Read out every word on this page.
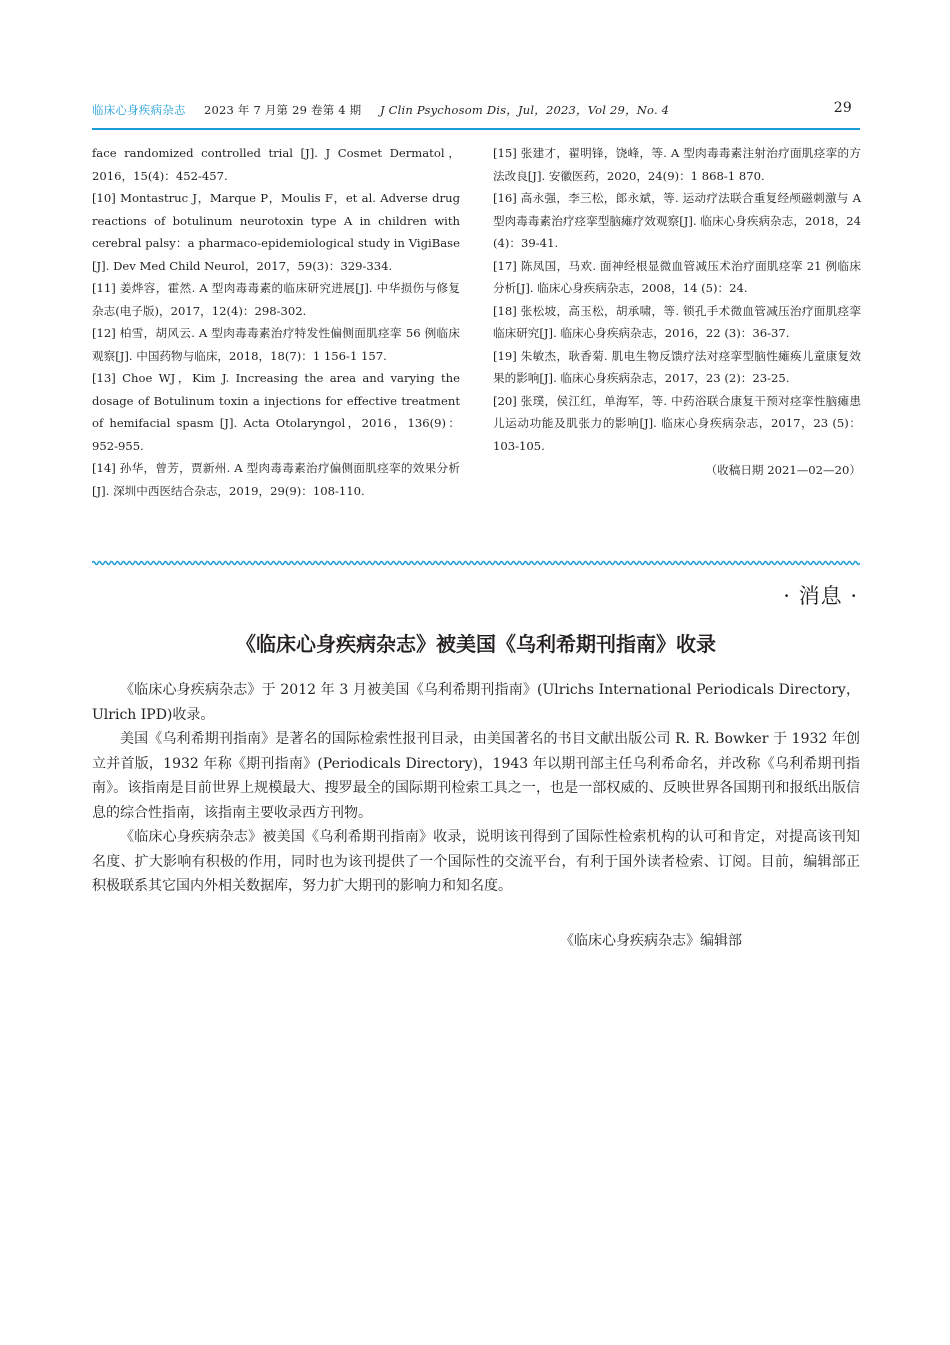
临床心身疾病杂志 2023 年 7 月第 29 卷第 4 期 J Clin Psychosom Dis，Jul，2023，Vol 29，No. 4	29

face randomized controlled trial [J]. J Cosmet Dermatol，2016，15(4)：452-457.

[10] Montastruc J，Marque P，Moulis F，et al. Adverse drug reactions of botulinum neurotoxin type A in children with cerebral palsy：a pharmaco-epidemiological study in VigiBase [J]. Dev Med Child Neurol，2017，59(3)：329-334.

[11] 姜烨容，霍然. A 型肉毒毒素的临床研究进展[J]. 中华损伤与修复杂志(电子版)，2017，12(4)：298-302.

[12] 柏雪，胡风云. A 型肉毒毒素治疗特发性偏侧面肌痉挛 56 例临床观察[J]. 中国药物与临床，2018，18(7)：1 156-1 157.

[13] Choe WJ，Kim J. Increasing the area and varying the dosage of Botulinum toxin a injections for effective treatment of hemifacial spasm [J]. Acta Otolaryngol，2016，136(9)：952-955.

[14] 孙华，曾芳，贾新州. A 型肉毒毒素治疗偏侧面肌痉挛的效果分析[J]. 深圳中西医结合杂志，2019，29(9)：108-110.

[15] 张建才，翟明锋，饶峰，等. A 型肉毒毒素注射治疗面肌痉挛的方法改良[J]. 安徽医药，2020，24(9)：1 868-1 870.

[16] 高永强，李三松，郎永斌，等. 运动疗法联合重复经颅磁刺激与 A 型肉毒毒素治疗痉挛型脑瘫疗效观察[J]. 临床心身疾病杂志，2018，24 (4)：39-41.

[17] 陈凤国，马欢. 面神经根显微血管减压术治疗面肌痉挛 21 例临床分析[J]. 临床心身疾病杂志，2008，14 (5)：24.

[18] 张松坡，高玉松，胡承啸，等. 锁孔手术微血管减压治疗面肌痉挛临床研究[J]. 临床心身疾病杂志，2016，22 (3)：36-37.

[19] 朱敏杰，耿香菊. 肌电生物反馈疗法对痉挛型脑性瘫痪儿童康复效果的影响[J]. 临床心身疾病杂志，2017，23 (2)：23-25.

[20] 张璞，侯江红，单海军，等. 中药浴联合康复干预对痉挛性脑瘫患儿运动功能及肌张力的影响[J]. 临床心身疾病杂志，2017，23 (5)：103-105.

（收稿日期 2021—02—20）
· 消息 ·
《临床心身疾病杂志》被美国《乌利希期刊指南》收录

《临床心身疾病杂志》于 2012 年 3 月被美国《乌利希期刊指南》(Ulrichs International Periodicals Directory，Ulrich IPD)收录。

美国《乌利希期刊指南》是著名的国际检索性报刊目录，由美国著名的书目文献出版公司 R. R. Bowker 于 1932 年创立并首版，1932 年称《期刊指南》(Periodicals Directory)，1943 年以期刊部主任乌利希命名，并改称《乌利希期刊指南》。该指南是目前世界上规模最大、搜罗最全的国际期刊检索工具之一，也是一部权威的、反映世界各国期刊和报纸出版信息的综合性指南，该指南主要收录西方刊物。

《临床心身疾病杂志》被美国《乌利希期刊指南》收录，说明该刊得到了国际性检索机构的认可和肯定，对提高该刊知名度、扩大影响有积极的作用，同时也为该刊提供了一个国际性的交流平台，有利于国外读者检索、订阅。目前，编辑部正积极联系其它国内外相关数据库，努力扩大期刊的影响力和知名度。

《临床心身疾病杂志》编辑部
